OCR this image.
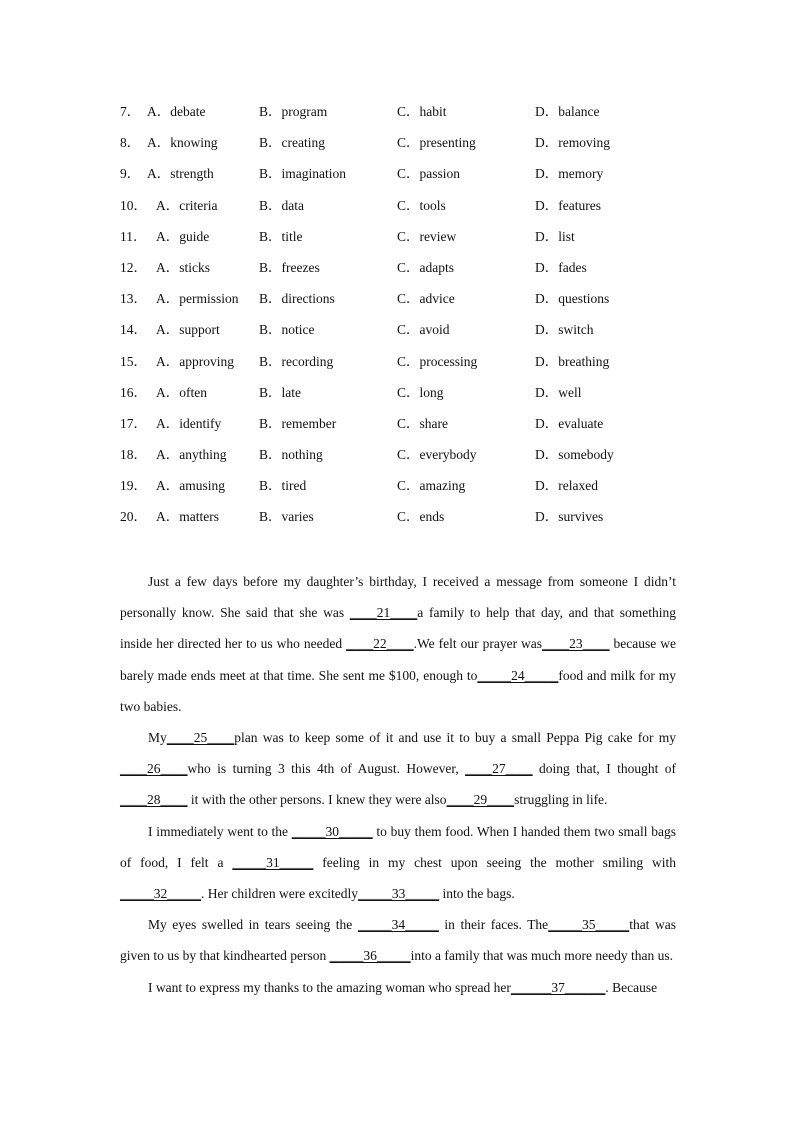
7． A．debate	B．program	C．habit	D．balance
8． A．knowing	B．creating	C．presenting	D．removing
9． A．strength	B．imagination	C．passion	D．memory
10． A．criteria	B．data	C．tools	D．features
11． A．guide	B．title	C．review	D．list
12． A．sticks	B．freezes	C．adapts	D．fades
13． A．permission B．directions	C．advice	D．questions
14． A．support	B．notice	C．avoid	D．switch
15． A．approving B．recording	C．processing	D．breathing
16． A．often	B．late	C．long	D．well
17． A．identify	B．remember	C．share	D．evaluate
18． A．anything B．nothing	C．everybody	D．somebody
19． A．amusing	B．tired	C．amazing	D．relaxed
20． A．matters	B．varies	C．ends	D．survives

Just a few days before my daughter’s birthday, I received a message from someone I didn’t personally know. She said that she was ____21____a family to help that day, and that something inside her directed her to us who needed ____22____.We felt our prayer was____23____ because we barely made ends meet at that time. She sent me $100, enough to_____24_____food and milk for my two babies.

My____25____plan was to keep some of it and use it to buy a small Peppa Pig cake for my ____26____who is turning 3 this 4th of August. However, ____27____ doing that, I thought of ____28____ it with the other persons. I knew they were also____29____struggling in life.

I immediately went to the _____30_____ to buy them food. When I handed them two small bags of food, I felt a _____31_____ feeling in my chest upon seeing the mother smiling with _____32_____. Her children were excitedly_____33_____ into the bags.

My eyes swelled in tears seeing the _____34_____ in their faces. The_____35_____that was given to us by that kindhearted person _____36_____into a family that was much more needy than us.

I want to express my thanks to the amazing woman who spread her______37______. Because
